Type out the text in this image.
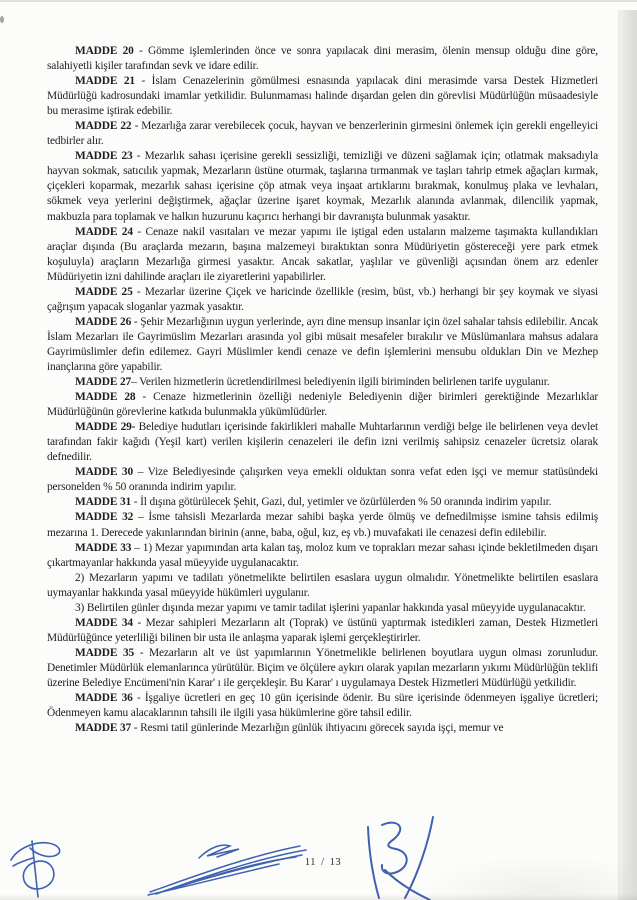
MADDE 20 - Gömme işlemlerinden önce ve sonra yapılacak dini merasim, ölenin mensup olduğu dine göre, salahiyetli kişiler tarafından sevk ve idare edilir.

MADDE 21 - İslam Cenazelerinin gömülmesi esnasında yapılacak dini merasimde varsa Destek Hizmetleri Müdürlüğü kadrosundaki imamlar yetkilidir. Bulunmaması halinde dışardan gelen din görevlisi Müdürlüğün müsaadesiyle bu merasime iştirak edebilir.

MADDE 22 - Mezarlığa zarar verebilecek çocuk, hayvan ve benzerlerinin girmesini önlemek için gerekli engelleyici tedbirler alır.

MADDE 23 - Mezarlık sahası içerisine gerekli sessizliği, temizliği ve düzeni sağlamak için; otlatmak maksadıyla hayvan sokmak, satıcılık yapmak, Mezarların üstüne oturmak, taşlarına tırmanmak ve taşları tahrip etmek ağaçları kırmak, çiçekleri koparmak, mezarlık sahası içerisine çöp atmak veya inşaat artıklarını bırakmak, konulmuş plaka ve levhaları, sökmek veya yerlerini değiştirmek, ağaçlar üzerine işaret koymak, Mezarlık alanında avlanmak, dilencilik yapmak, makbuzla para toplamak ve halkın huzurunu kaçırıcı herhangi bir davranışta bulunmak yasaktır.

MADDE 24 - Cenaze nakil vasıtaları ve mezar yapımı ile iştigal eden ustaların malzeme taşımakta kullandıkları araçlar dışında (Bu araçlarda mezarın, başına malzemeyi bıraktıktan sonra Müdüriyetin göstereceği yere park etmek koşuluyla) araçların Mezarlığa girmesi yasaktır. Ancak sakatlar, yaşlılar ve güvenliği açısından önem arz edenler Müdüriyetin izni dahilinde araçları ile ziyaretlerini yapabilirler.

MADDE 25 - Mezarlar üzerine Çiçek ve haricinde özellikle (resim, büst, vb.) herhangi bir şey koymak ve siyasi çağrışım yapacak sloganlar yazmak yasaktır.

MADDE 26 - Şehir Mezarlığının uygun yerlerinde, ayrı dine mensup insanlar için özel sahalar tahsis edilebilir. Ancak İslam Mezarları ile Gayrimüslim Mezarları arasında yol gibi müsait mesafeler bırakılır ve Müslümanlara mahsus adalara Gayrimüslimler defin edilemez. Gayri Müslimler kendi cenaze ve defin işlemlerini mensubu oldukları Din ve Mezhep inançlarına göre yapabilir.

MADDE 27– Verilen hizmetlerin ücretlendirilmesi belediyenin ilgili biriminden belirlenen tarife uygulanır.

MADDE 28 - Cenaze hizmetlerinin özelliği nedeniyle Belediyenin diğer birimleri gerektiğinde Mezarlıklar Müdürlüğünün görevlerine katkıda bulunmakla yükümlüdürler.

MADDE 29- Belediye hudutları içerisinde fakirlikleri mahalle Muhtarlarının verdiği belge ile belirlenen veya devlet tarafından fakir kağıdı (Yeşil kart) verilen kişilerin cenazeleri ile defin izni verilmiş sahipsiz cenazeler ücretsiz olarak defnedilir.

MADDE 30 – Vize Belediyesinde çalışırken veya emekli olduktan sonra vefat eden işçi ve memur statüsündeki personelden % 50 oranında indirim yapılır.

MADDE 31 - İl dışına götürülecek Şehit, Gazi, dul, yetimler ve özürlülerden % 50 oranında indirim yapılır.

MADDE 32 – İsme tahsisli Mezarlarda mezar sahibi başka yerde ölmüş ve defnedilmişse ismine tahsis edilmiş mezarına 1. Derecede yakınlarından birinin (anne, baba, oğul, kız, eş vb.) muvafakati ile cenazesi defin edilebilir.

MADDE 33 – 1) Mezar yapımından arta kalan taş, moloz kum ve toprakları mezar sahası içinde bekletilmeden dışarı çıkartmayanlar hakkında yasal müeyyide uygulanacaktır.

2) Mezarların yapımı ve tadilatı yönetmelikte belirtilen esaslara uygun olmalıdır. Yönetmelikte belirtilen esaslara uymayanlar hakkında yasal müeyyide hükümleri uygulanır.

3) Belirtilen günler dışında mezar yapımı ve tamir tadilat işlerini yapanlar hakkında yasal müeyyide uygulanacaktır.

MADDE 34 - Mezar sahipleri Mezarların alt (Toprak) ve üstünü yaptırmak istedikleri zaman, Destek Hizmetleri Müdürlüğünce yeterliliği bilinen bir usta ile anlaşma yaparak işlemi gerçekleştirirler.

MADDE 35 - Mezarların alt ve üst yapımlarının Yönetmelikle belirlenen boyutlara uygun olması zorunludur. Denetimler Müdürlük elemanlarınca yürütülür. Biçim ve ölçülere aykırı olarak yapılan mezarların yıkımı Müdürlüğün teklifi üzerine Belediye Encümeni'nin Karar' ı ile gerçekleşir. Bu Karar' ı uygulamaya Destek Hizmetleri Müdürlüğü yetkilidir.

MADDE 36 - İşgaliye ücretleri en geç 10 gün içerisinde ödenir. Bu süre içerisinde ödenmeyen işgaliye ücretleri; Ödenmeyen kamu alacaklarının tahsili ile ilgili yasa hükümlerine göre tahsil edilir.

MADDE 37 - Resmi tatil günlerinde Mezarlığın günlük ihtiyacını görecek sayıda işçi, memur ve

11 / 13
